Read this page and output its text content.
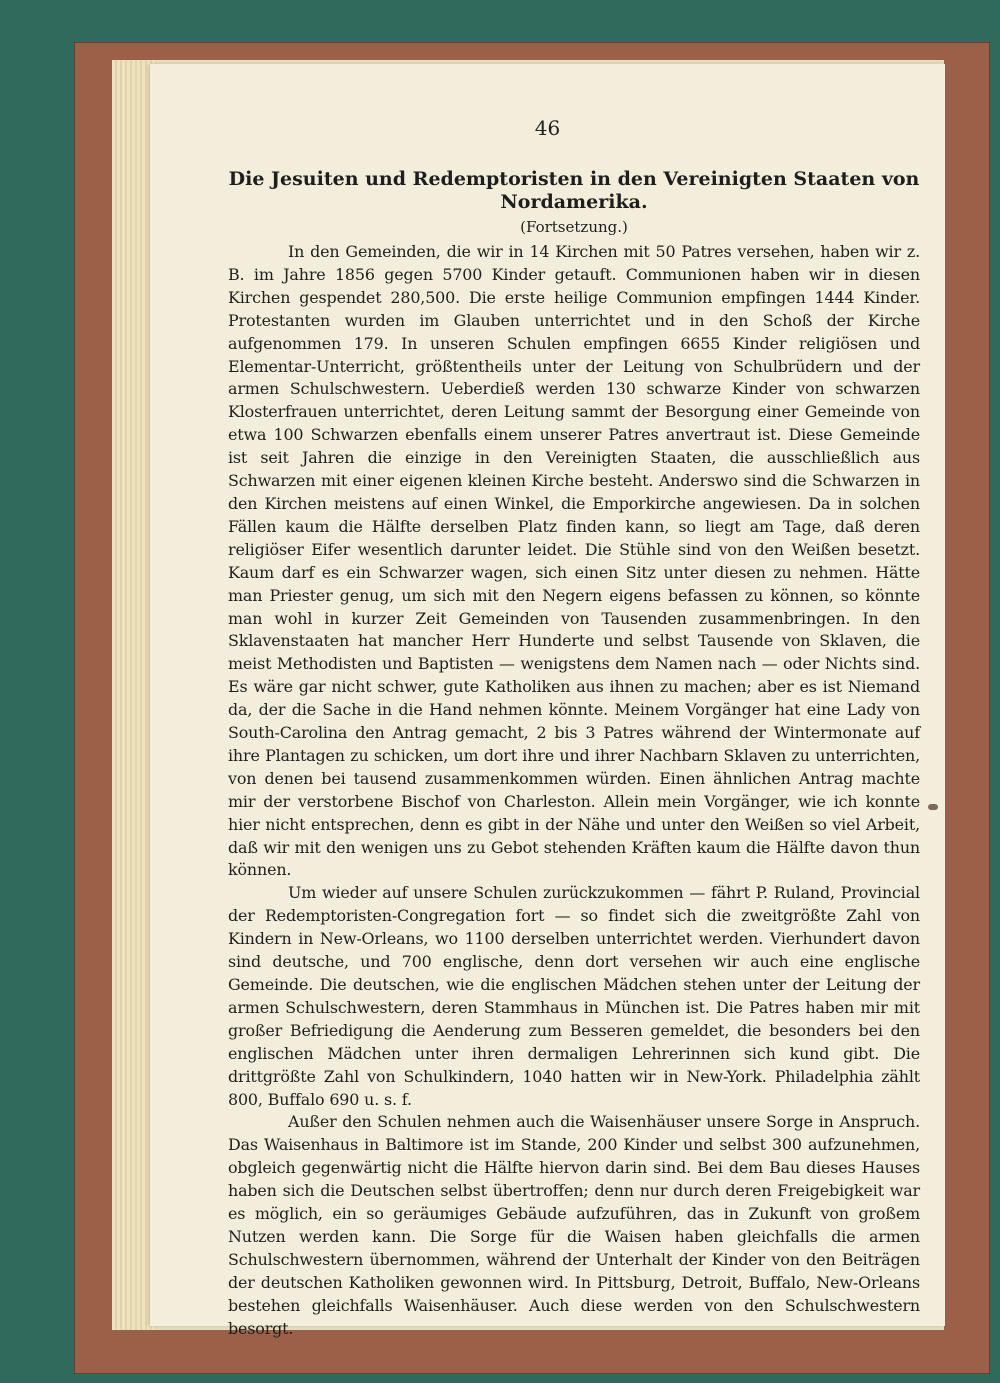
46
Die Jesuiten und Redemptoristen in den Vereinigten Staaten von Nordamerika.
(Fortsetzung.)

In den Gemeinden, die wir in 14 Kirchen mit 50 Patres versehen, haben wir z. B. im Jahre 1856 gegen 5700 Kinder getauft. Communionen haben wir in diesen Kirchen gespendet 280,500. Die erste heilige Communion empfingen 1444 Kinder. Protestanten wurden im Glauben unterrichtet und in den Schoß der Kirche aufgenommen 179. In unseren Schulen empfingen 6655 Kinder religiösen und Elementar-Unterricht, größtentheils unter der Leitung von Schulbrüdern und der armen Schulschwestern. Ueberdieß werden 130 schwarze Kinder von schwarzen Klosterfrauen unterrichtet, deren Leitung sammt der Besorgung einer Gemeinde von etwa 100 Schwarzen ebenfalls einem unserer Patres anvertraut ist. Diese Gemeinde ist seit Jahren die einzige in den Vereinigten Staaten, die ausschließlich aus Schwarzen mit einer eigenen kleinen Kirche besteht. Anderswo sind die Schwarzen in den Kirchen meistens auf einen Winkel, die Emporkirche angewiesen. Da in solchen Fällen kaum die Hälfte derselben Platz finden kann, so liegt am Tage, daß deren religiöser Eifer wesentlich darunter leidet. Die Stühle sind von den Weißen besetzt. Kaum darf es ein Schwarzer wagen, sich einen Sitz unter diesen zu nehmen. Hätte man Priester genug, um sich mit den Negern eigens befassen zu können, so könnte man wohl in kurzer Zeit Gemeinden von Tausenden zusammenbringen. In den Sklavenstaaten hat mancher Herr Hunderte und selbst Tausende von Sklaven, die meist Methodisten und Baptisten — wenigstens dem Namen nach — oder Nichts sind. Es wäre gar nicht schwer, gute Katholiken aus ihnen zu machen; aber es ist Niemand da, der die Sache in die Hand nehmen könnte. Meinem Vorgänger hat eine Lady von South-Carolina den Antrag gemacht, 2 bis 3 Patres während der Wintermonate auf ihre Plantagen zu schicken, um dort ihre und ihrer Nachbarn Sklaven zu unterrichten, von denen bei tausend zusammenkommen würden. Einen ähnlichen Antrag machte mir der verstorbene Bischof von Charleston. Allein mein Vorgänger, wie ich konnte hier nicht entsprechen, denn es gibt in der Nähe und unter den Weißen so viel Arbeit, daß wir mit den wenigen uns zu Gebot stehenden Kräften kaum die Hälfte davon thun können.

Um wieder auf unsere Schulen zurückzukommen — fährt P. Ruland, Provincial der Redemptoristen-Congregation fort — so findet sich die zweitgrößte Zahl von Kindern in New-Orleans, wo 1100 derselben unterrichtet werden. Vierhundert davon sind deutsche, und 700 englische, denn dort versehen wir auch eine englische Gemeinde. Die deutschen, wie die englischen Mädchen stehen unter der Leitung der armen Schulschwestern, deren Stammhaus in München ist. Die Patres haben mir mit großer Befriedigung die Aenderung zum Besseren gemeldet, die besonders bei den englischen Mädchen unter ihren dermaligen Lehrerinnen sich kund gibt. Die drittgrößte Zahl von Schulkindern, 1040 hatten wir in New-York. Philadelphia zählt 800, Buffalo 690 u. s. f.

Außer den Schulen nehmen auch die Waisenhäuser unsere Sorge in Anspruch. Das Waisenhaus in Baltimore ist im Stande, 200 Kinder und selbst 300 aufzunehmen, obgleich gegenwärtig nicht die Hälfte hiervon darin sind. Bei dem Bau dieses Hauses haben sich die Deutschen selbst übertroffen; denn nur durch deren Freigebigkeit war es möglich, ein so geräumiges Gebäude aufzuführen, das in Zukunft von großem Nutzen werden kann. Die Sorge für die Waisen haben gleichfalls die armen Schulschwestern übernommen, während der Unterhalt der Kinder von den Beiträgen der deutschen Katholiken gewonnen wird. In Pittsburg, Detroit, Buffalo, New-Orleans bestehen gleichfalls Waisenhäuser. Auch diese werden von den Schulschwestern besorgt.
